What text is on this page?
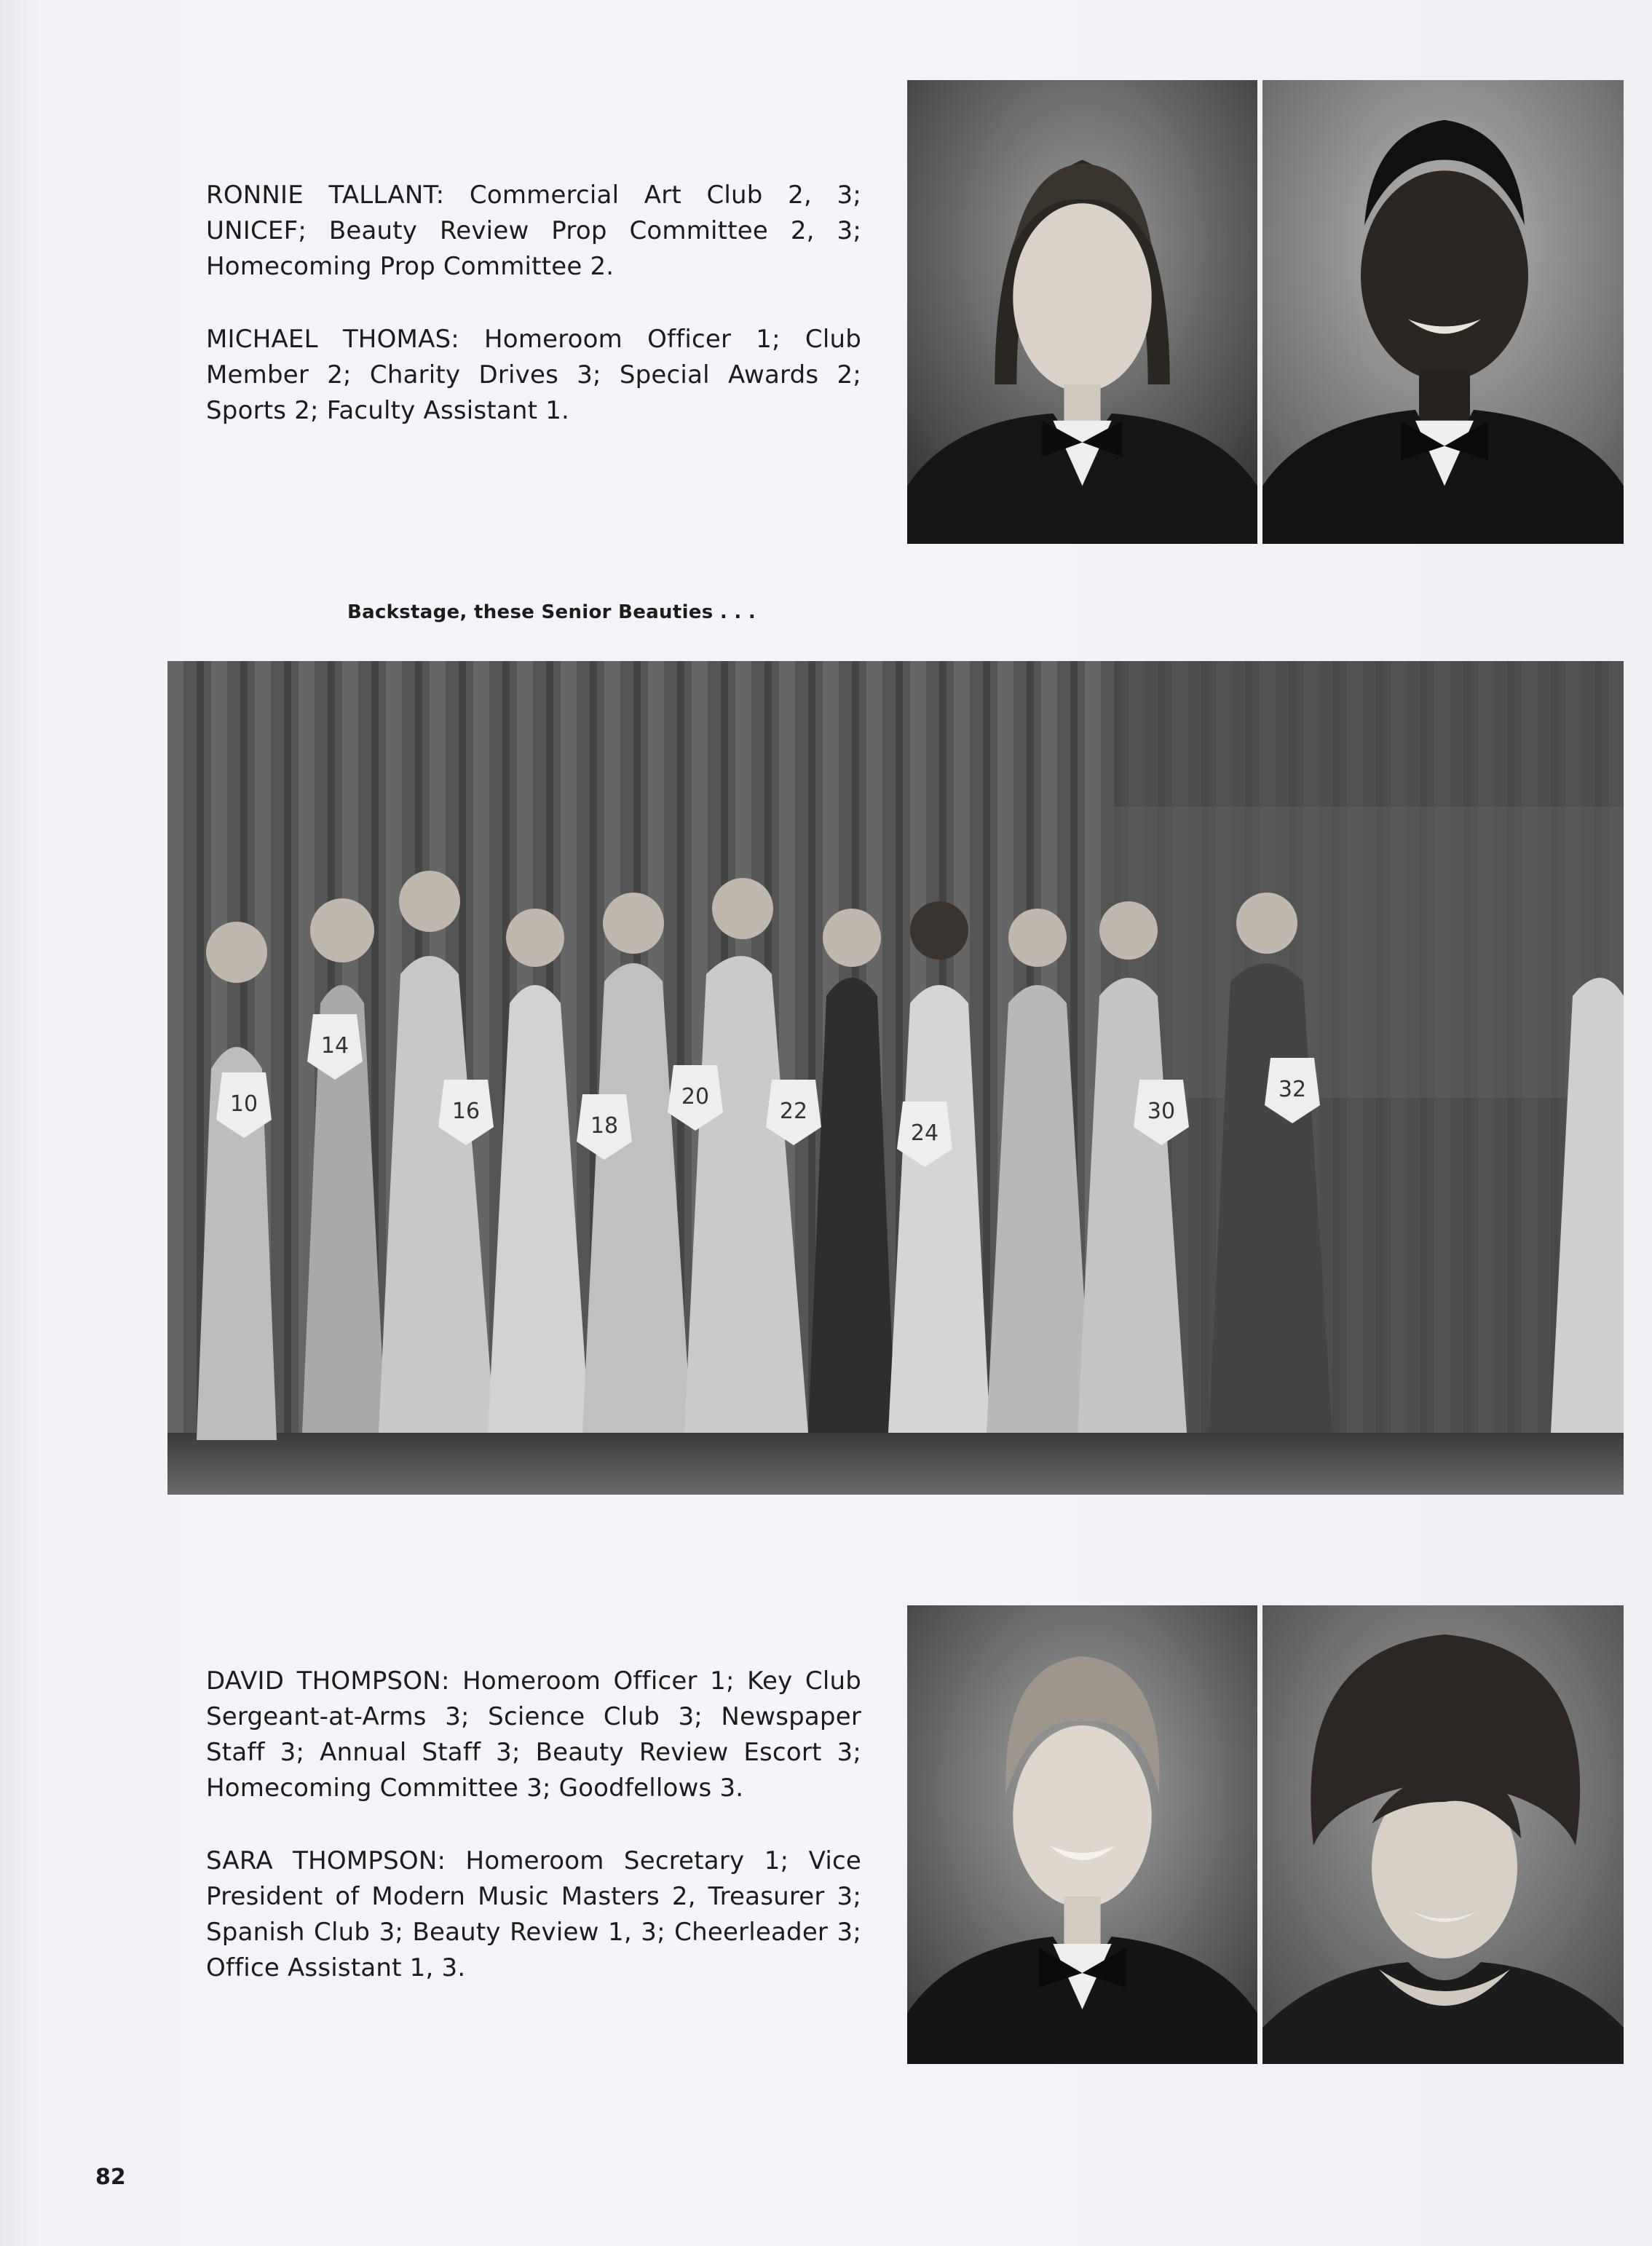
RONNIE TALLANT: Commercial Art Club 2, 3; UNICEF; Beauty Review Prop Committee 2, 3; Homecoming Prop Committee 2.

MICHAEL THOMAS: Homeroom Officer 1; Club Member 2; Charity Drives 3; Special Awards 2; Sports 2; Faculty Assistant 1.

Backstage, these Senior Beauties . . .
10
14
16
18
20
22
24
30
32

DAVID THOMPSON: Homeroom Officer 1; Key Club Sergeant-at-Arms 3; Science Club 3; Newspaper Staff 3; Annual Staff 3; Beauty Review Escort 3; Homecoming Committee 3; Goodfellows 3.

SARA THOMPSON: Homeroom Secretary 1; Vice President of Modern Music Masters 2, Treasurer 3; Spanish Club 3; Beauty Review 1, 3; Cheerleader 3; Office Assistant 1, 3.

82
